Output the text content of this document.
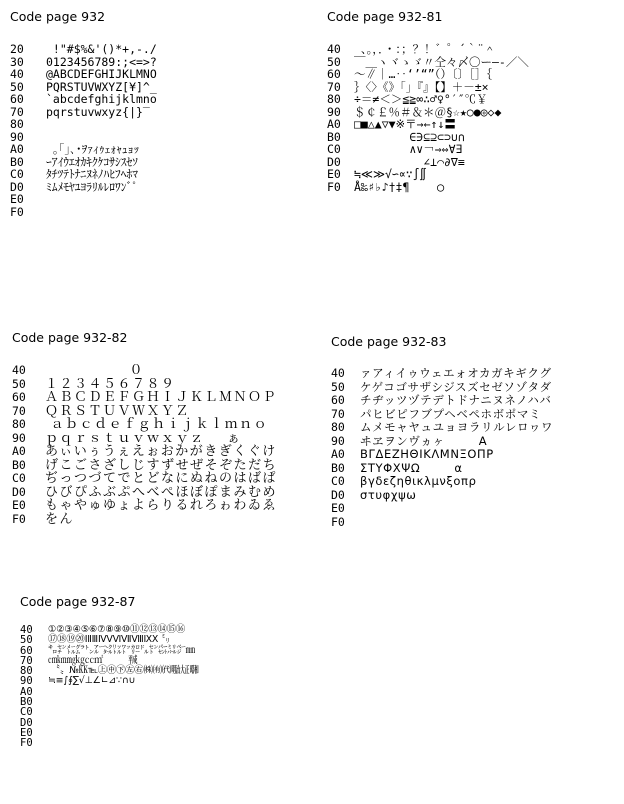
Code page 932
20 !"#$%&'()*+,-./
30 0123456789:;<=>?
40 @ABCDEFGHIJKLMNO
50 PQRSTUVWXYZ[¥]^_
60 `abcdefghijklmno
70 pqrstuvwxyz{|}‾
80
90
A0 ｡｢｣､･ｦｧｨｩｪｫｬｭｮｯ
B0 ｰｱｲｳｴｵｶｷｸｹｺｻｼｽｾｿ
C0 ﾀﾁﾂﾃﾄﾅﾆﾇﾈﾉﾊﾋﾌﾍﾎﾏ
D0 ﾐﾑﾒﾓﾔﾕﾖﾗﾘﾙﾚﾛﾜﾝﾞﾟ
E0
F0
Code page 932-81
40 、。，．・：；？！゛゜´｀¨＾
50 ￣＿ヽヾゝゞ〃仝々〆〇ー―‐／＼
60 ～∥｜…‥‘’“”（）〔〕［］｛
70 ｝〈〉《》「」『』【】＋－±×
80 ÷＝≠＜＞≦≧∞∴♂♀°′″℃￥
90 ＄￠￡％＃＆＊＠§☆★○●◎◇◆
A0 □■△▲▽▼※〒→←↑↓〓
B0 ∈∋⊆⊇⊂⊃∪∩
C0 ∧∨￢⇒⇔∀∃
D0 ∠⊥⌒∂∇≡
E0 ≒≪≫√∽∝∵∫∬
F0 Å‰♯♭♪†‡¶    ◯
Code page 932-82
40 ０
50 １２３４５６７８９
60 ＡＢＣＤＥＦＧＨＩＪＫＬＭＮＯＰ
70 ＱＲＳＴＵＶＷＸＹＺ
80 ａｂｃｄｅｆｇｈｉｊｋｌｍｎｏ
90 ｐｑｒｓｔｕｖｗｘｙｚ    ぁ
A0 あぃいぅうぇえぉおかがきぎくぐけ
B0 げこごさざしじすずせぜそぞただち
C0 ぢっつづてでとどなにぬねのはばぱ
D0 ひびぴふぶぷへべぺほぼぽまみむめ
E0 もゃやゅゆょよらりるれろゎわゐゑ
F0 をん
Code page 932-83
40 ァアィイゥウェエォオカガキギクグ
50 ケゲコゴサザシジスズセゼソゾタダ
60 チヂッツヅテデトドナニヌネノハバ
70 パヒビピフブプヘベペホボポマミ
80 ムメモャヤュユョヨラリルレロヮワ
90 ヰヱヲンヴヵヶ        Α
A0 ΒΓΔΕΖΗΘΙΚΛΜΝΞΟΠΡ
B0 ΣΤΥΦΧΨΩ        α
C0 βγδεζηθικλμνξοπρ
D0 στυφχψω
E0
F0
Code page 932-87
40 ①②③④⑤⑥⑦⑧⑨⑩⑪⑫⑬⑭⑮⑯
50 ⑰⑱⑲⑳ⅠⅡⅢⅣⅤⅥⅦⅧⅨⅩ ㍉
60 ㌔㌢㍍㌘㌧㌃㌶㍑㍗㌍㌦㌣㌫㍊㌻㎜
70 ㎝㎞㎎㎏㏄㎡         ㍻
80 〝〟№㏍℡㊤㊥㊦㊧㊨㈱㈲㈹㍾㍽㍼
90 ≒≡∫∮∑√⊥∠∟⊿∵∩∪
A0
B0
C0
D0
E0
F0
